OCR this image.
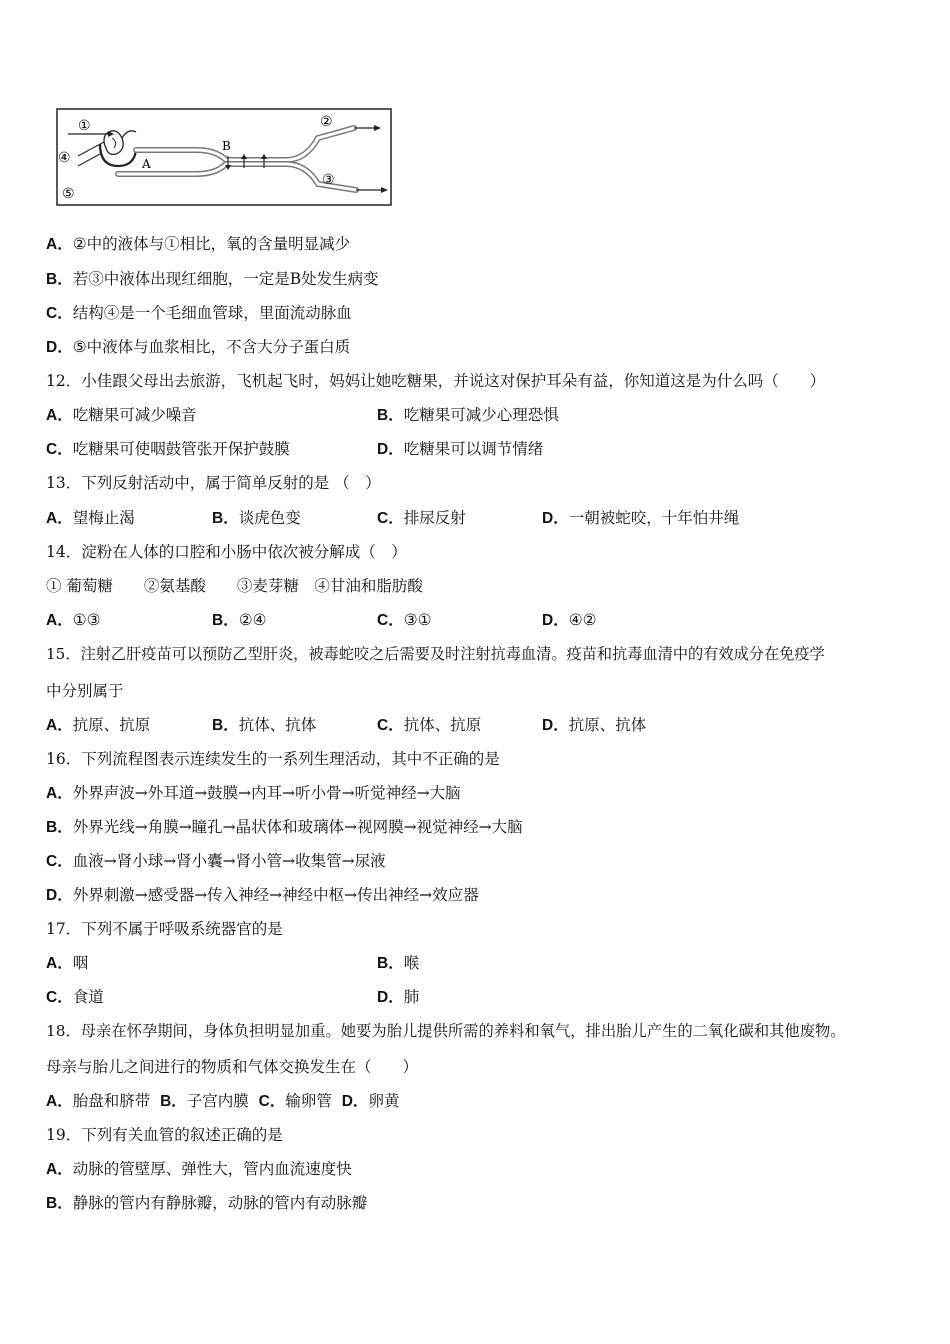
①	②
③
④
⑤
A
B
A．②中的液体与①相比，氧的含量明显减少
B．若③中液体出现红细胞，一定是B处发生病变
C．结构④是一个毛细血管球，里面流动脉血
D．⑤中液体与血浆相比，不含大分子蛋白质
12．小佳跟父母出去旅游，飞机起飞时，妈妈让她吃糖果，并说这对保护耳朵有益，你知道这是为什么吗（　　）
A．吃糖果可减少噪音	B．吃糖果可减少心理恐惧
C．吃糖果可使咽鼓管张开保护鼓膜	D．吃糖果可以调节情绪
13．下列反射活动中，属于简单反射的是 （　）
A．望梅止渴	B．谈虎色变	C．排尿反射	D．一朝被蛇咬，十年怕井绳
14．淀粉在人体的口腔和小肠中依次被分解成（　）
① 葡萄糖　　②氨基酸　　③麦芽糖　④甘油和脂肪酸
A．①③	B．②④	C．③①	D．④②
15．注射乙肝疫苗可以预防乙型肝炎，被毒蛇咬之后需要及时注射抗毒血清。疫苗和抗毒血清中的有效成分在免疫学
中分别属于
A．抗原、抗原	B．抗体、抗体	C．抗体、抗原	D．抗原、抗体
16．下列流程图表示连续发生的一系列生理活动，其中不正确的是
A．外界声波→外耳道→鼓膜→内耳→听小骨→听觉神经→大脑
B．外界光线→角膜→瞳孔→晶状体和玻璃体→视网膜→视觉神经→大脑
C．血液→肾小球→肾小囊→肾小管→收集管→尿液
D．外界刺激→感受器→传入神经→神经中枢→传出神经→效应器
17．下列不属于呼吸系统器官的是
A．咽	B．喉
C．食道	D．肺
18．母亲在怀孕期间，身体负担明显加重。她要为胎儿提供所需的养料和氧气，排出胎儿产生的二氧化碳和其他废物。
母亲与胎儿之间进行的物质和气体交换发生在（　　）
A．胎盘和脐带 B．子宫内膜 C．输卵管 D．卵黄
19．下列有关血管的叙述正确的是
A．动脉的管壁厚、弹性大，管内血流速度快
B．静脉的管内有静脉瓣，动脉的管内有动脉瓣
